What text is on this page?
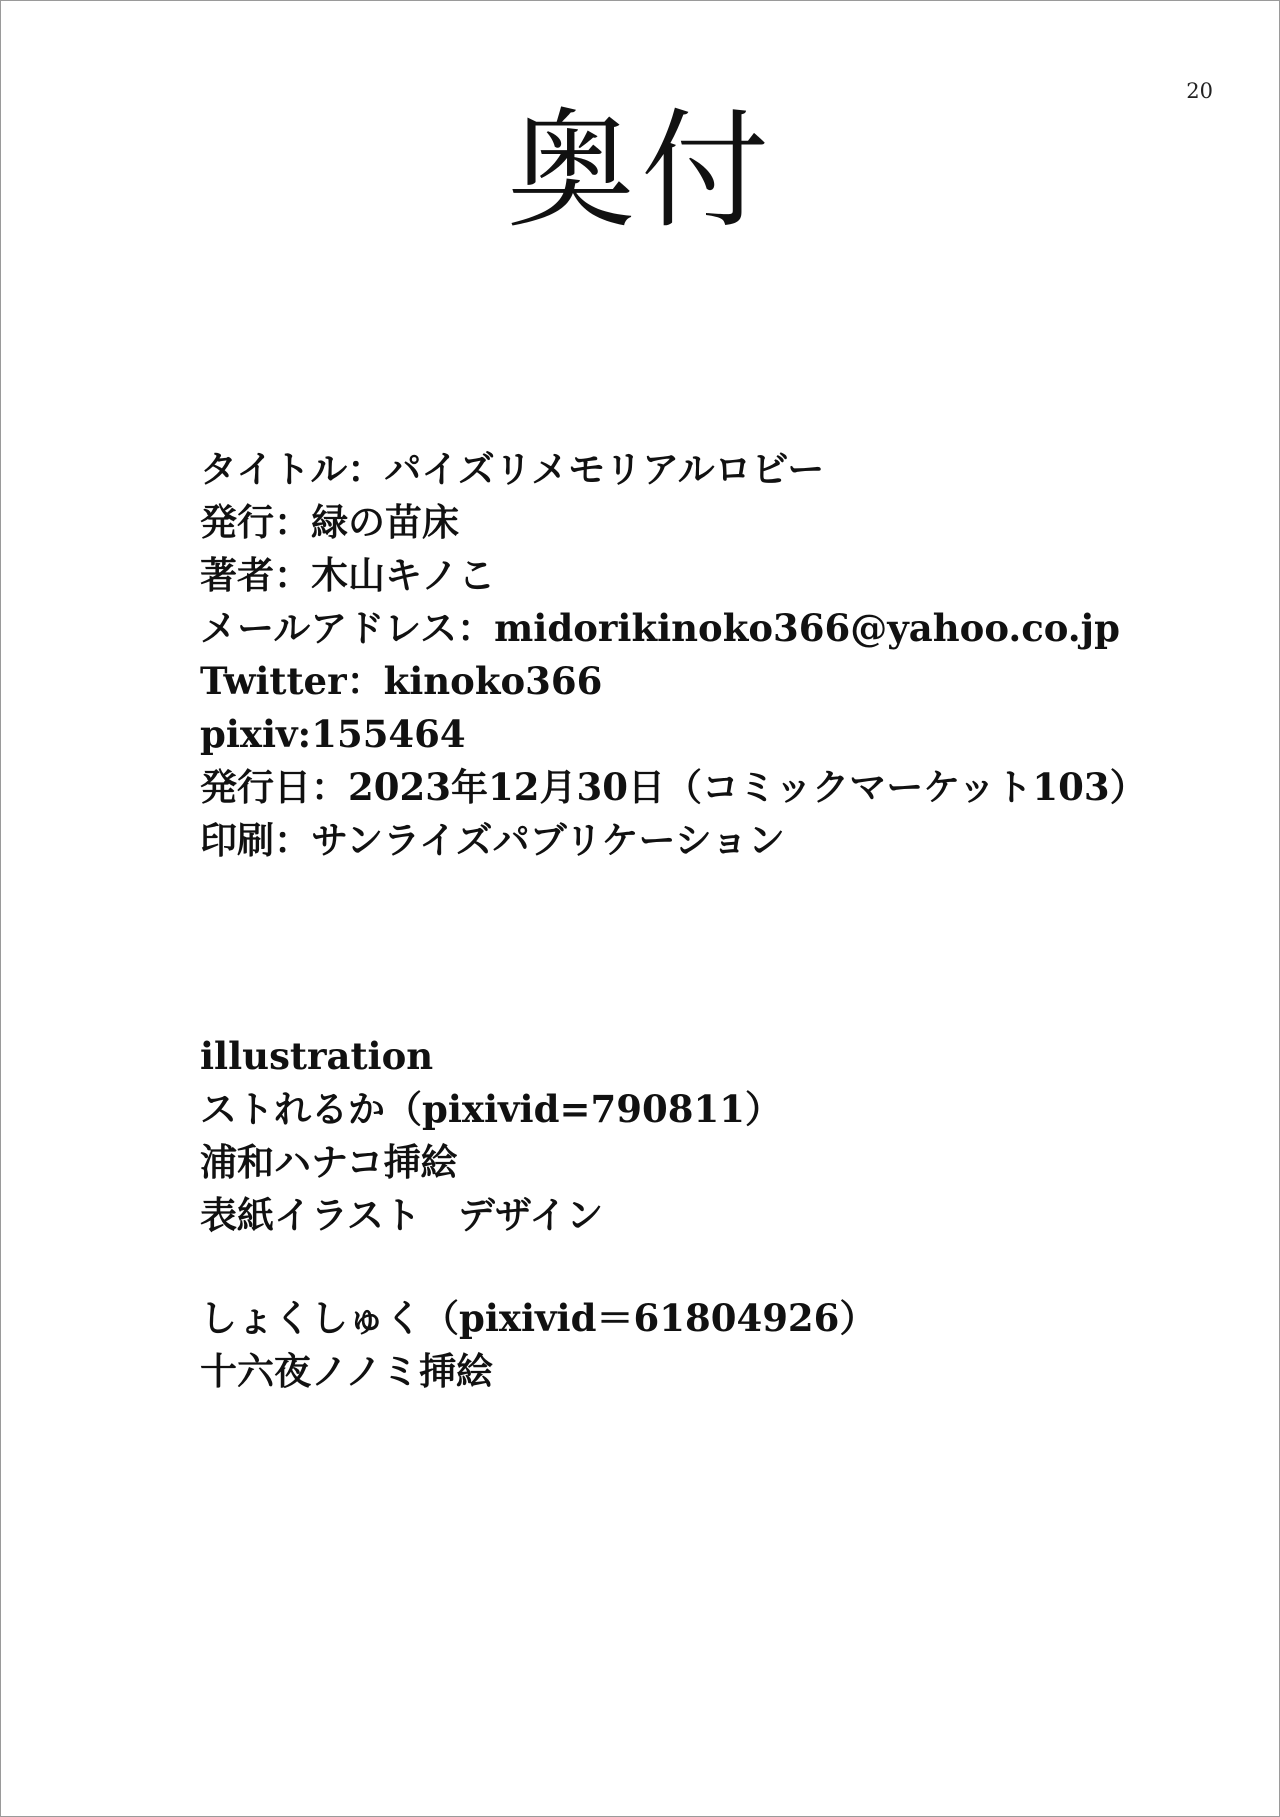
20
奥付
タイトル：パイズリメモリアルロビー
発行：緑の苗床
著者：木山キノこ
メールアドレス：midorikinoko366@yahoo.co.jp
Twitter：kinoko366
pixiv:155464
発行日：2023年12月30日（コミックマーケット103）
印刷：サンライズパブリケーション
illustration
ストれるか（pixivid=790811）
浦和ハナコ挿絵
表紙イラスト　デザイン
しょくしゅく（pixivid＝61804926）
十六夜ノノミ挿絵
